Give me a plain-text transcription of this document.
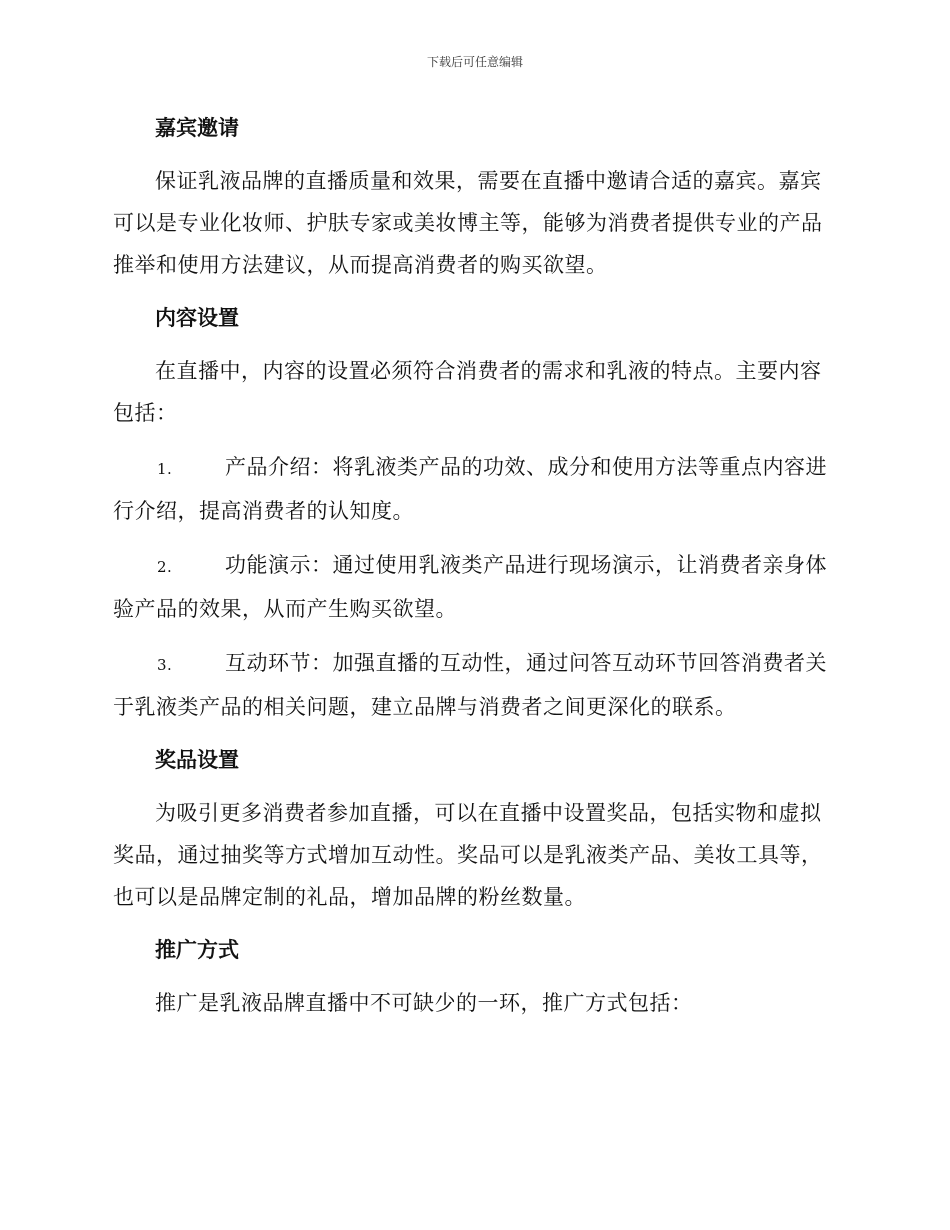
下载后可任意编辑
嘉宾邀请
保证乳液品牌的直播质量和效果，需要在直播中邀请合适的嘉宾。嘉宾可以是专业化妆师、护肤专家或美妆博主等，能够为消费者提供专业的产品推举和使用方法建议，从而提高消费者的购买欲望。
内容设置
在直播中，内容的设置必须符合消费者的需求和乳液的特点。主要内容包括：
1.	产品介绍：将乳液类产品的功效、成分和使用方法等重点内容进行介绍，提高消费者的认知度。
2.	功能演示：通过使用乳液类产品进行现场演示，让消费者亲身体验产品的效果，从而产生购买欲望。
3.	互动环节：加强直播的互动性，通过问答互动环节回答消费者关于乳液类产品的相关问题，建立品牌与消费者之间更深化的联系。
奖品设置
为吸引更多消费者参加直播，可以在直播中设置奖品，包括实物和虚拟奖品，通过抽奖等方式增加互动性。奖品可以是乳液类产品、美妆工具等，也可以是品牌定制的礼品，增加品牌的粉丝数量。
推广方式
推广是乳液品牌直播中不可缺少的一环，推广方式包括：
